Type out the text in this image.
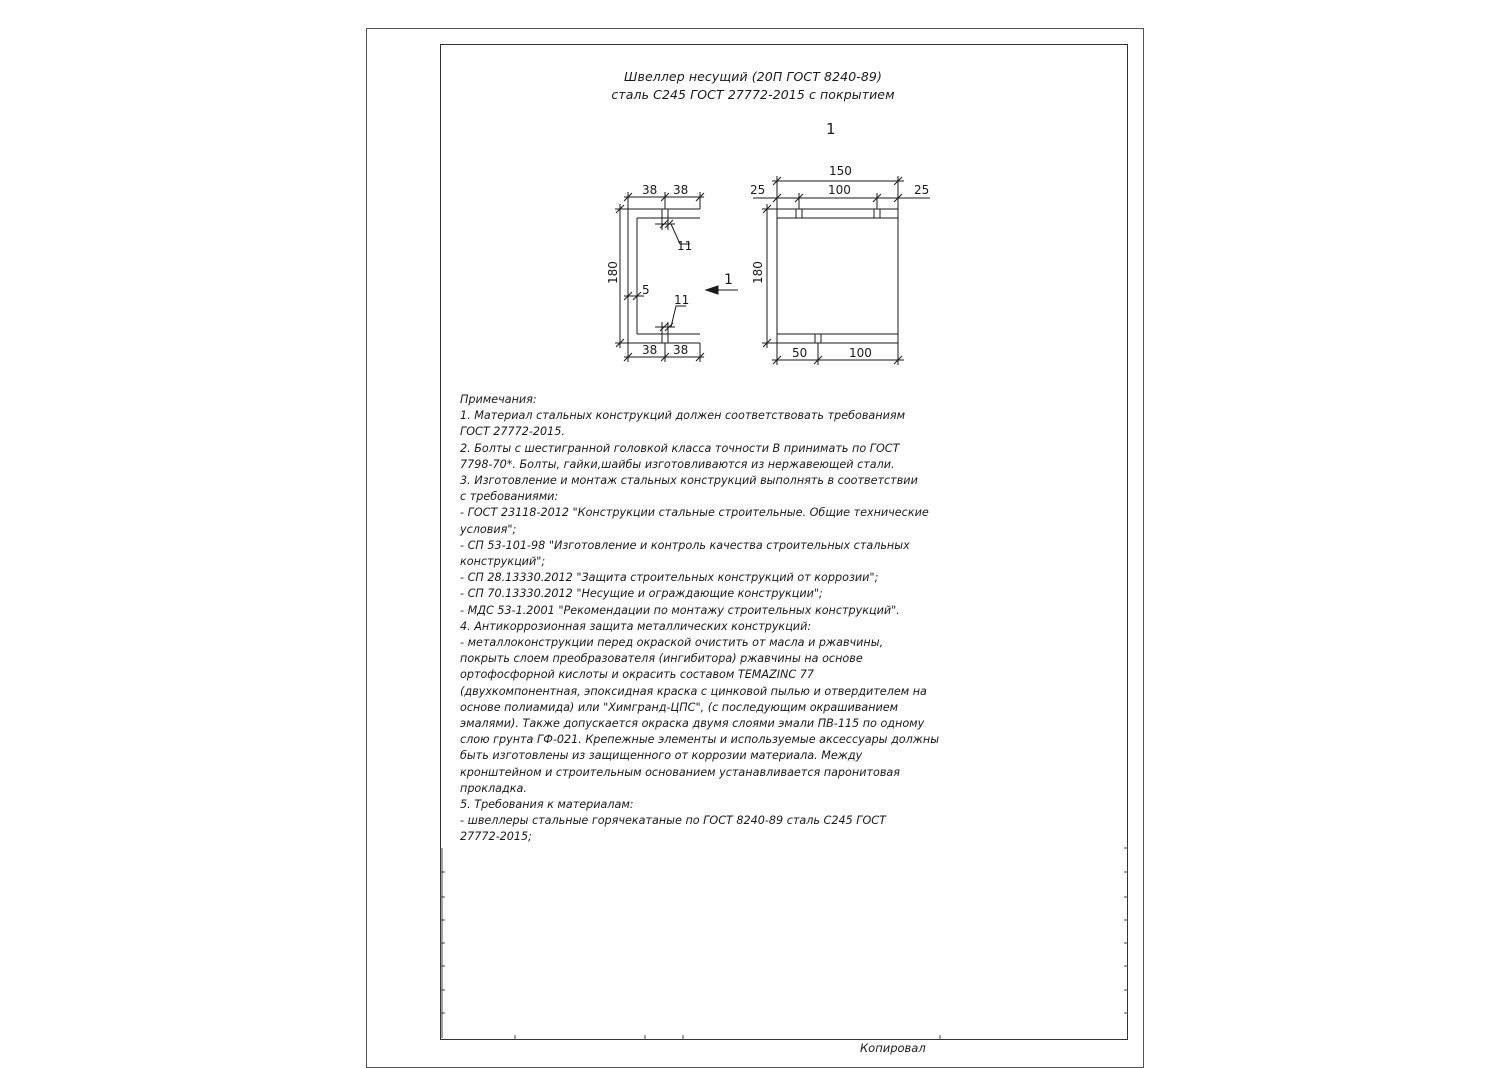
Швеллер несущий (20П ГОСТ 8240-89)
сталь С245 ГОСТ 27772-2015 с покрытием
1
38 38
11
180
5
11
38 38
1
150
25	100	25
180
50	100
Примечания:
1. Материал стальных конструкций должен соответствовать требованиям
ГОСТ 27772-2015.
2. Болты с шестигранной головкой класса точности В принимать по ГОСТ
7798-70*. Болты, гайки,шайбы изготовливаются из нержавеющей стали.
3. Изготовление и монтаж стальных конструкций выполнять в соответствии
с требованиями:
- ГОСТ 23118-2012 "Конструкции стальные строительные. Общие технические
условия";
- СП 53-101-98 "Изготовление и контроль качества строительных стальных
конструкций";
- СП 28.13330.2012 "Защита строительных конструкций от коррозии";
- СП 70.13330.2012 "Несущие и ограждающие конструкции";
- МДС 53-1.2001 "Рекомендации по монтажу строительных конструкций".
4. Антикоррозионная защита металлических конструкций:
- металлоконструкции перед окраской очистить от масла и ржавчины,
покрыть слоем преобразователя (ингибитора) ржавчины на основе
ортофосфорной кислоты и окрасить составом TEMAZINC 77
(двухкомпонентная, эпоксидная краска с цинковой пылью и отвердителем на
основе полиамида) или "Химгранд-ЦПС", (с последующим окрашиванием
эмалями). Также допускается окраска двумя слоями эмали ПВ-115 по одному
слою грунта ГФ-021. Крепежные элементы и используемые аксессуары должны
быть изготовлены из защищенного от коррозии материала. Между
кронштейном и строительным основанием устанавливается паронитовая
прокладка.
5. Требования к материалам:
- швеллеры стальные горячекатаные по ГОСТ 8240-89 сталь С245 ГОСТ
27772-2015;
Копировал
